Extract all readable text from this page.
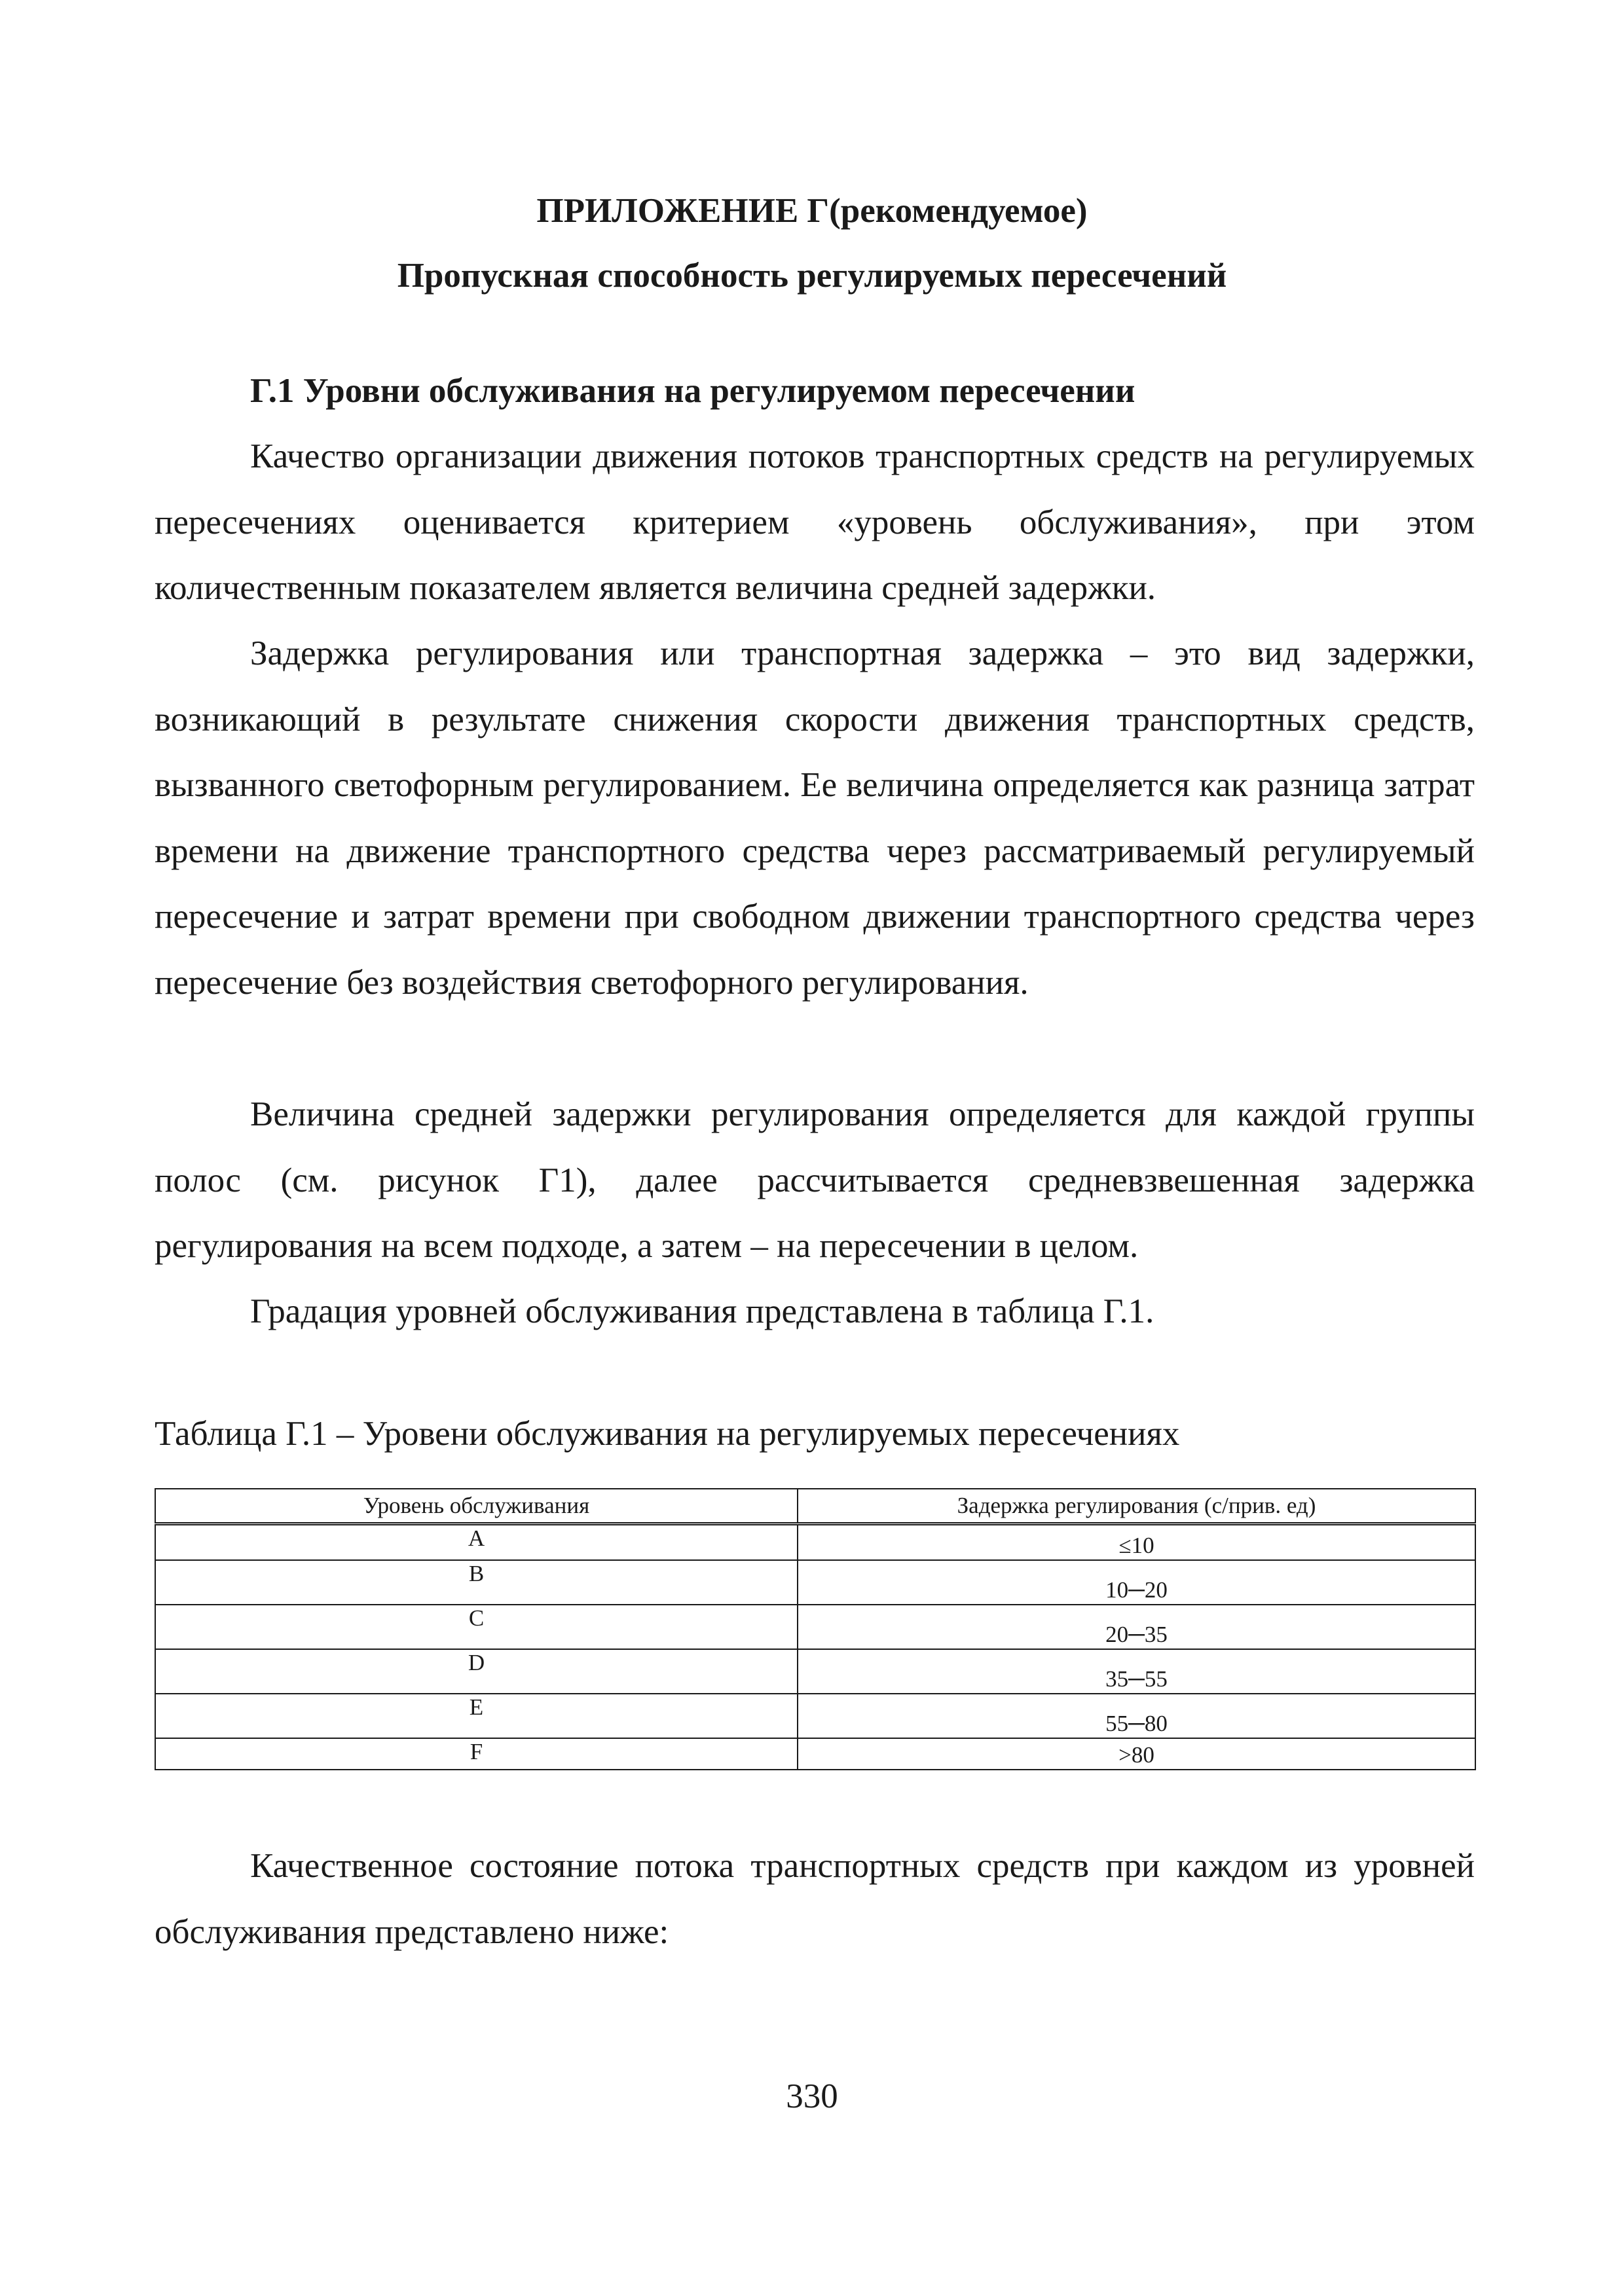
ПРИЛОЖЕНИЕ Г(рекомендуемое)
Пропускная способность регулируемых пересечений
Г.1 Уровни обслуживания на регулируемом пересечении

Качество организации движения потоков транспортных средств на регулируемых пересечениях оценивается критерием «уровень обслуживания», при этом количественным показателем является величина средней задержки.

Задержка регулирования или транспортная задержка – это вид задержки, возникающий в результате снижения скорости движения транспортных средств, вызванного светофорным регулированием. Ее величина определяется как разница затрат времени на движение транспортного средства через рассматриваемый регулируемый пересечение и затрат времени при свободном движении транспортного средства через пересечение без воздействия светофорного регулирования.

Величина средней задержки регулирования определяется для каждой группы полос (см. рисунок Г1), далее рассчитывается средневзвешенная задержка регулирования на всем подходе, а затем – на пересечении в целом.

Градация уровней обслуживания представлена в таблица Г.1.

Таблица Г.1 – Уровени обслуживания на регулируемых пересечениях
Уровень обслуживания	Задержка регулирования (с/прив. ед)
A	≤10
B	10─20
C	20─35
D	35─55
E	55─80
F	>80

Качественное состояние потока транспортных средств при каждом из уровней обслуживания представлено ниже:

330
